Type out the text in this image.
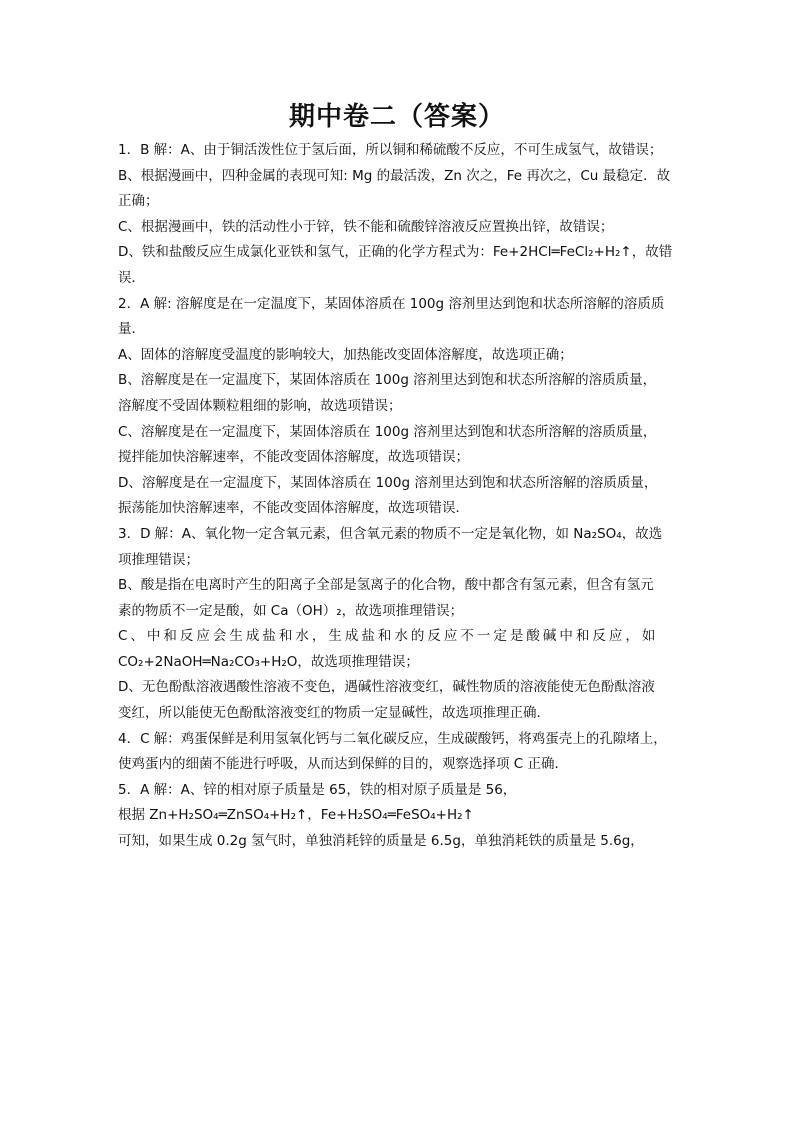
期中卷二（答案）
1．B 解：A、由于铜活泼性位于氢后面，所以铜和稀硫酸不反应，不可生成氢气，故错误；
B、根据漫画中，四种金属的表现可知: Mg 的最活泼，Zn 次之，Fe 再次之，Cu 最稳定．故
正确；
C、根据漫画中，铁的活动性小于锌，铁不能和硫酸锌溶液反应置换出锌，故错误；
D、铁和盐酸反应生成氯化亚铁和氢气，正确的化学方程式为：Fe+2HCl═FeCl₂+H₂↑，故错
误．
2．A 解: 溶解度是在一定温度下，某固体溶质在 100g 溶剂里达到饱和状态所溶解的溶质质
量．
A、固体的溶解度受温度的影响较大，加热能改变固体溶解度，故选项正确；
B、溶解度是在一定温度下，某固体溶质在 100g 溶剂里达到饱和状态所溶解的溶质质量，
溶解度不受固体颗粒粗细的影响，故选项错误；
C、溶解度是在一定温度下，某固体溶质在 100g 溶剂里达到饱和状态所溶解的溶质质量，
搅拌能加快溶解速率，不能改变固体溶解度，故选项错误；
D、溶解度是在一定温度下，某固体溶质在 100g 溶剂里达到饱和状态所溶解的溶质质量，
振荡能加快溶解速率，不能改变固体溶解度，故选项错误．
3．D 解：A、氧化物一定含氧元素，但含氧元素的物质不一定是氧化物，如 Na₂SO₄，故选
项推理错误；
B、酸是指在电离时产生的阳离子全部是氢离子的化合物，酸中都含有氢元素，但含有氢元
素的物质不一定是酸，如 Ca（OH）₂，故选项推理错误；
C、中和反应会生成盐和水，生成盐和水的反应不一定是酸碱中和反应，如
CO₂+2NaOH═Na₂CO₃+H₂O，故选项推理错误；
D、无色酚酞溶液遇酸性溶液不变色，遇碱性溶液变红，碱性物质的溶液能使无色酚酞溶液
变红，所以能使无色酚酞溶液变红的物质一定显碱性，故选项推理正确．
4．C 解：鸡蛋保鲜是利用氢氧化钙与二氧化碳反应，生成碳酸钙，将鸡蛋壳上的孔隙堵上，
使鸡蛋内的细菌不能进行呼吸，从而达到保鲜的目的，观察选择项 C 正确．
5．A 解：A、锌的相对原子质量是 65，铁的相对原子质量是 56，
根据 Zn+H₂SO₄═ZnSO₄+H₂↑，Fe+H₂SO₄═FeSO₄+H₂↑
可知，如果生成 0.2g 氢气时，单独消耗锌的质量是 6.5g，单独消耗铁的质量是 5.6g，
